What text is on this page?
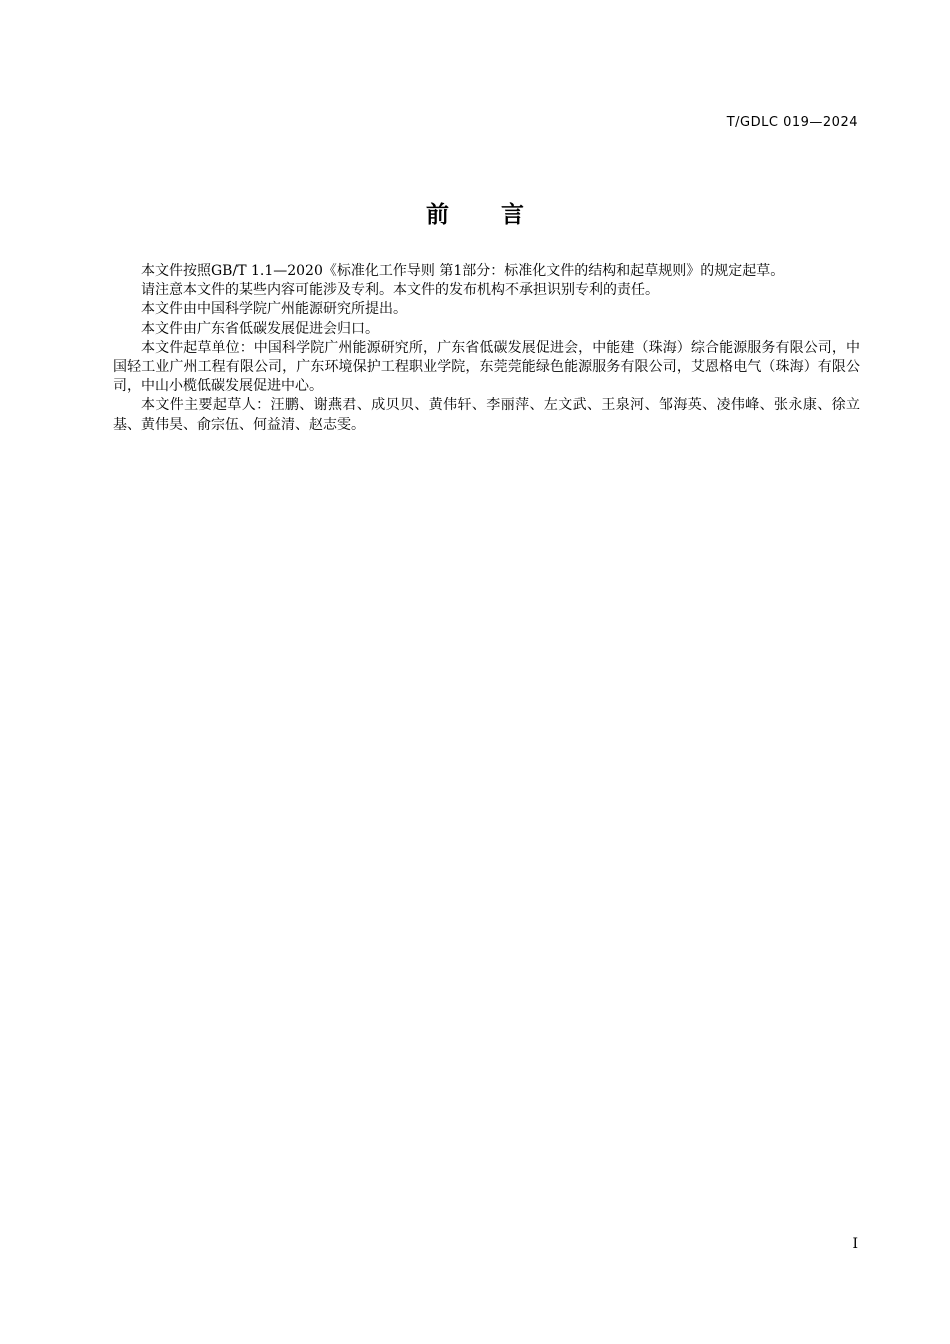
T/GDLC 019—2024
前 言

本文件按照GB/T 1.1—2020《标准化工作导则 第1部分：标准化文件的结构和起草规则》的规定起草。

请注意本文件的某些内容可能涉及专利。本文件的发布机构不承担识别专利的责任。

本文件由中国科学院广州能源研究所提出。

本文件由广东省低碳发展促进会归口。

本文件起草单位：中国科学院广州能源研究所，广东省低碳发展促进会，中能建（珠海）综合能源服务有限公司，中国轻工业广州工程有限公司，广东环境保护工程职业学院，东莞莞能绿色能源服务有限公司，艾恩格电气（珠海）有限公司，中山小榄低碳发展促进中心。

本文件主要起草人：汪鹏、谢燕君、成贝贝、黄伟轩、李丽萍、左文武、王泉河、邹海英、凌伟峰、张永康、徐立基、黄伟昊、俞宗伍、何益清、赵志雯。

I
